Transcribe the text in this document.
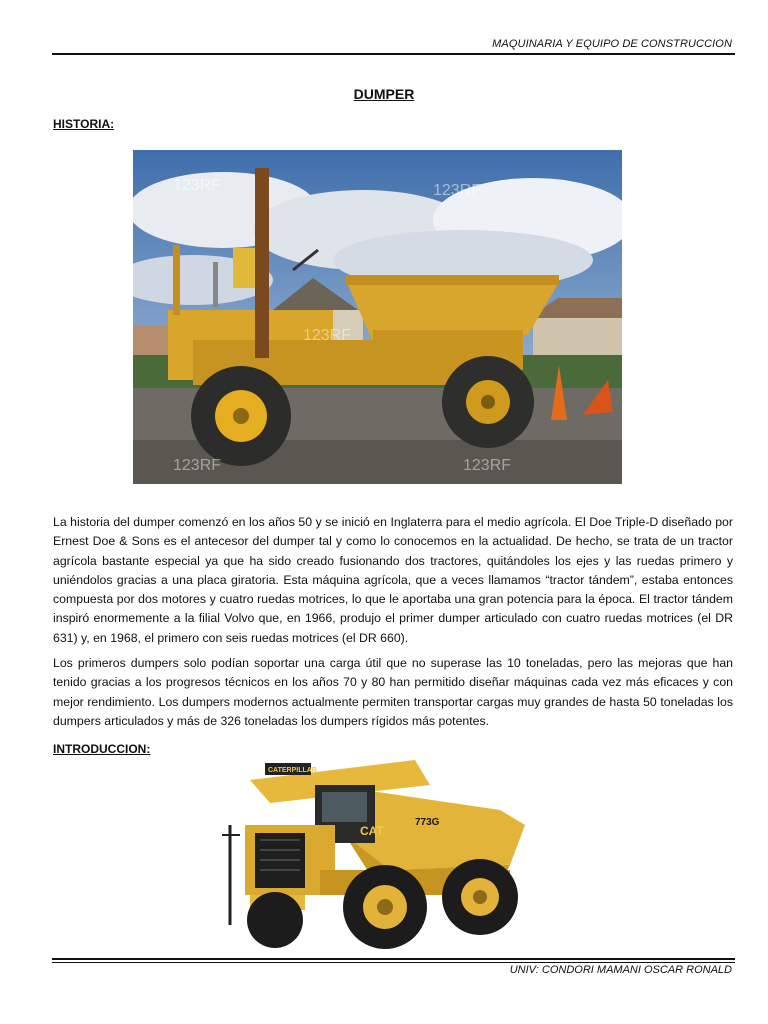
MAQUINARIA Y EQUIPO DE CONSTRUCCION
DUMPER
HISTORIA:
123RF	123RF
123RF
123RF	123RF

La historia del dumper comenzó en los años 50 y se inició en Inglaterra para el medio agrícola. El Doe Triple-D diseñado por Ernest Doe & Sons es el antecesor del dumper tal y como lo conocemos en la actualidad. De hecho, se trata de un tractor agrícola bastante especial ya que ha sido creado fusionando dos tractores, quitándoles los ejes y las ruedas primero y uniéndolos gracias a una placa giratoria. Esta máquina agrícola, que a veces llamamos “tractor tándem”, estaba entonces compuesta por dos motores y cuatro ruedas motrices, lo que le aportaba una gran potencia para la época. El tractor tándem inspiró enormemente a la filial Volvo que, en 1966, produjo el primer dumper articulado con cuatro ruedas motrices (el DR 631) y, en 1968, el primero con seis ruedas motrices (el DR 660).

Los primeros dumpers solo podían soportar una carga útil que no superase las 10 toneladas, pero las mejoras que han tenido gracias a los progresos técnicos en los años 70 y 80 han permitido diseñar máquinas cada vez más eficaces y con mejor rendimiento. Los dumpers modernos actualmente permiten transportar cargas muy grandes de hasta 50 toneladas los dumpers articulados y más de 326 toneladas los dumpers rígidos más potentes.

INTRODUCCION:
CATERPILLAR
CAT
773G
UNIV: CONDORI MAMANI OSCAR RONALD
